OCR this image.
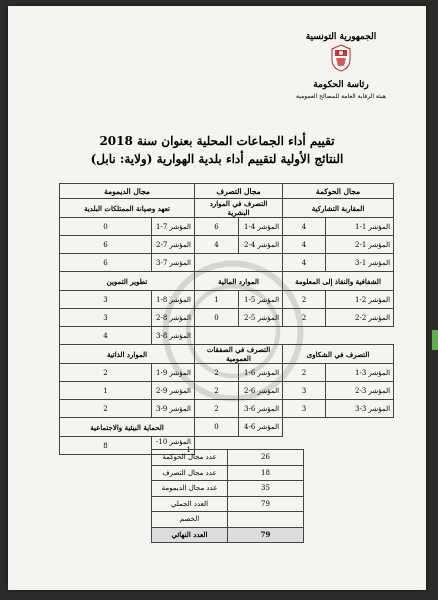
الجمهورية التونسية
رئاسة الحكومة
هيئة الرقابة العامة للمصالح العمومية
تقييم أداء الجماعات المحلية بعنوان سنة 2018
النتائج الأولية لتقييم أداء بلدية الهوارية (ولاية: نابل)
مجال الحوكمة		مجال التصرف		مجال الديمومة	
المقاربة التشاركية		التصرف في الموارد البشرية		تعهد وصيانة الممتلكات البلدية	
المؤشر 1-1	4	المؤشر 4-1	6	المؤشر 7-1	0
المؤشر 1-2	4	المؤشر 4-2	4	المؤشر 7-2	6
المؤشر 1-3	4			المؤشر 7-3	6
الشفافية والنفاذ إلى المعلومة		الموارد المالية		تطوير التموين	
المؤشر 2-1	2	المؤشر 5-1	1	المؤشر 8-1	3
المؤشر 2-2	2	المؤشر 5-2	0	المؤشر 8-2	3
				المؤشر 8-3	4
التصرف في الشكاوى		التصرف في الصفقات العمومية		الموارد الذاتية	
المؤشر 3-1	2	المؤشر 6-1	2	المؤشر 9-1	2
المؤشر 3-2	3	المؤشر 6-2	2	المؤشر 9-2	1
المؤشر 3-3	3	المؤشر 6-3	2	المؤشر 9-3	2
		المؤشر 6-4	0	الحماية البيئية والاجتماعية	
				المؤشر 10-1	8
26	عدد مجال الحوكمة
18	عدد مجال التصرف
35	عدد مجال الديمومة
79	العدد الجملي
	الخصم
79	العدد النهائي
